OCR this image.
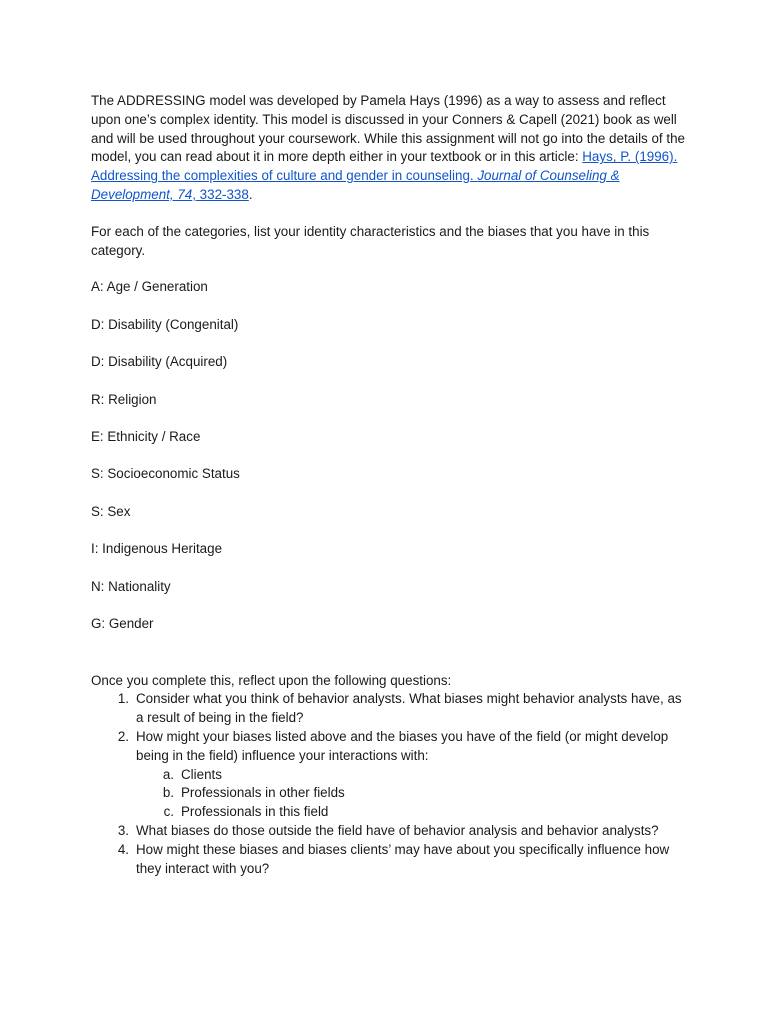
The ADDRESSING model was developed by Pamela Hays (1996) as a way to assess and reflect upon one’s complex identity. This model is discussed in your Conners & Capell (2021) book as well and will be used throughout your coursework. While this assignment will not go into the details of the model, you can read about it in more depth either in your textbook or in this article: Hays, P. (1996). Addressing the complexities of culture and gender in counseling. Journal of Counseling & Development, 74, 332-338.

For each of the categories, list your identity characteristics and the biases that you have in this category.

A: Age / Generation

D: Disability (Congenital)

D: Disability (Acquired)

R: Religion

E: Ethnicity / Race

S: Socioeconomic Status

S: Sex

I: Indigenous Heritage

N: Nationality

G: Gender

Once you complete this, reflect upon the following questions:

1. Consider what you think of behavior analysts. What biases might behavior analysts have, as a result of being in the field?
2. How might your biases listed above and the biases you have of the field (or might develop being in the field) influence your interactions with:
a. Clients
b. Professionals in other fields
c. Professionals in this field
3. What biases do those outside the field have of behavior analysis and behavior analysts?
4. How might these biases and biases clients’ may have about you specifically influence how they interact with you?
